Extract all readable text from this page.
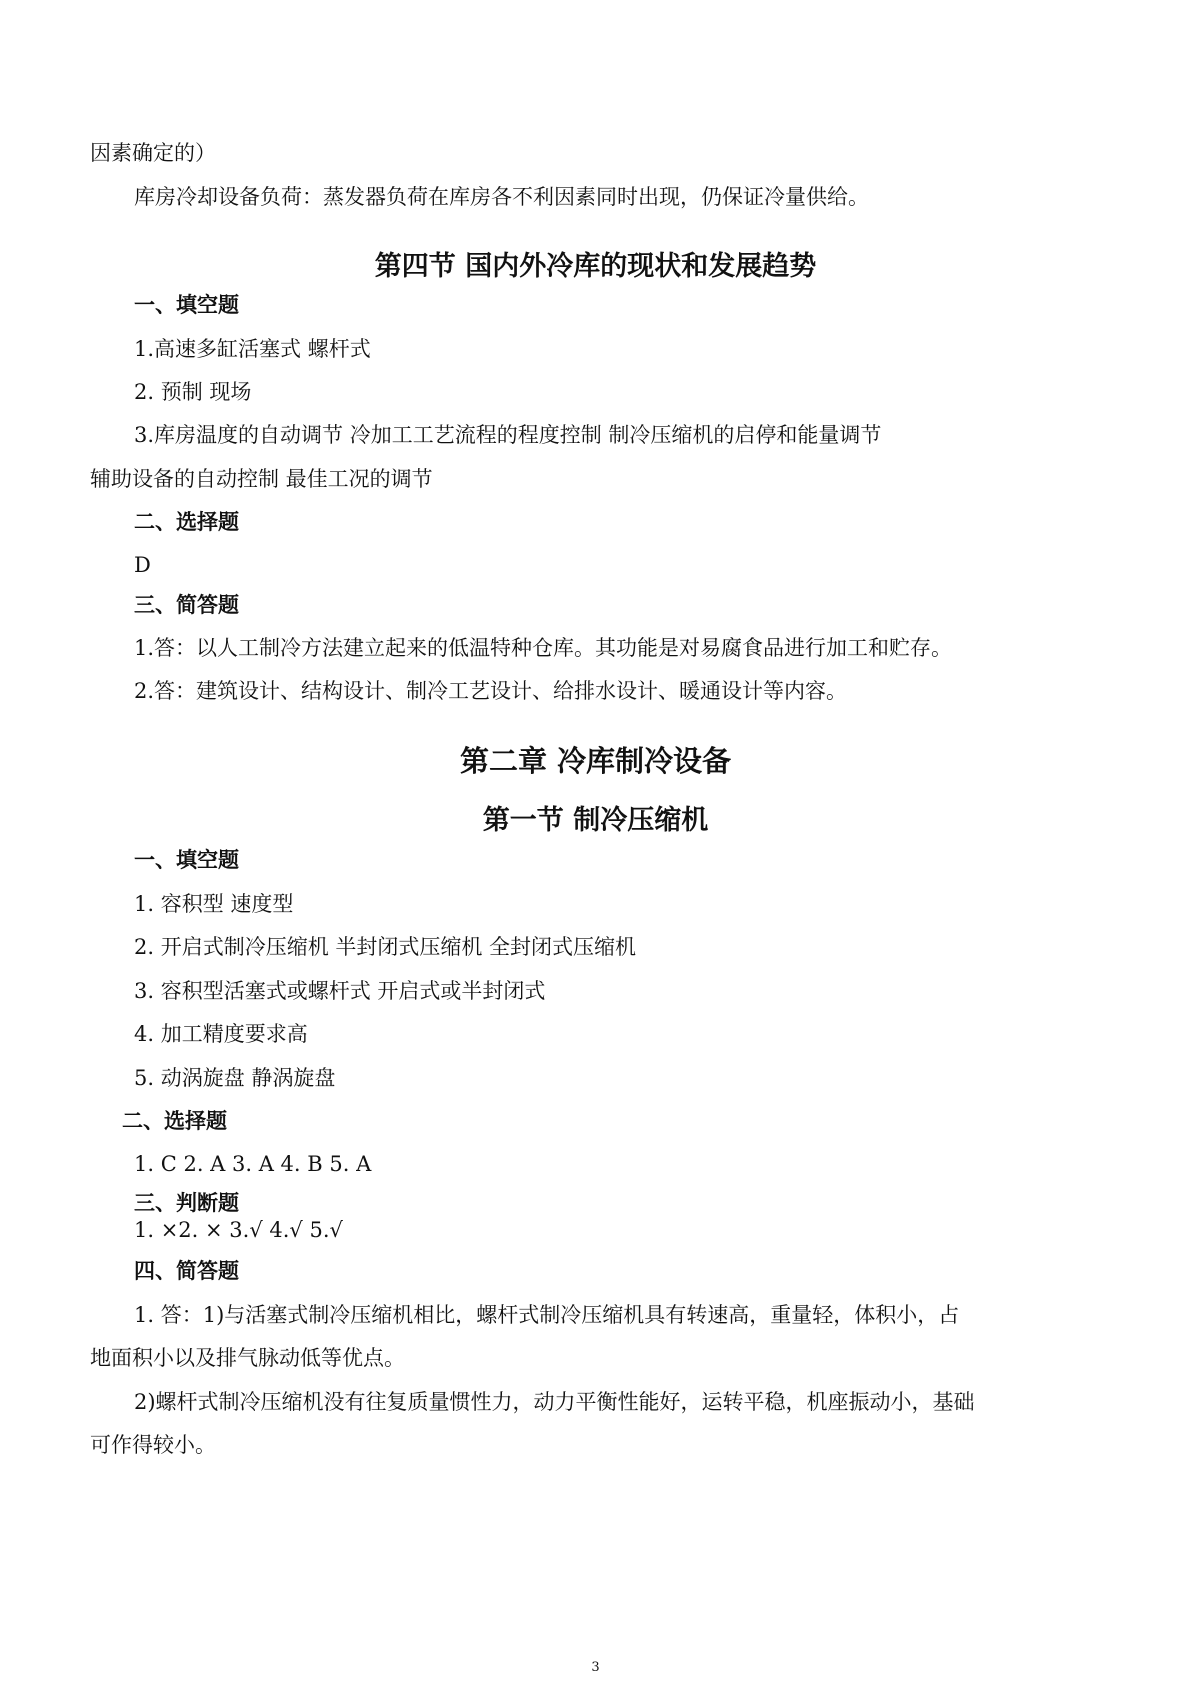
因素确定的）
库房冷却设备负荷：蒸发器负荷在库房各不利因素同时出现，仍保证冷量供给。
第四节 国内外冷库的现状和发展趋势
一、填空题
1.高速多缸活塞式 螺杆式
2. 预制 现场
3.库房温度的自动调节 冷加工工艺流程的程度控制 制冷压缩机的启停和能量调节
辅助设备的自动控制 最佳工况的调节
二、选择题
D
三、简答题
1.答：以人工制冷方法建立起来的低温特种仓库。其功能是对易腐食品进行加工和贮存。
2.答：建筑设计、结构设计、制冷工艺设计、给排水设计、暖通设计等内容。
第二章 冷库制冷设备
第一节 制冷压缩机
一、填空题
1. 容积型 速度型
2. 开启式制冷压缩机 半封闭式压缩机 全封闭式压缩机
3. 容积型活塞式或螺杆式 开启式或半封闭式
4. 加工精度要求高
5. 动涡旋盘 静涡旋盘
二、选择题
1. C 2. A 3. A 4. B 5. A
三、判断题
1. ×2. × 3.√ 4.√ 5.√
四、简答题
1. 答：1)与活塞式制冷压缩机相比，螺杆式制冷压缩机具有转速高，重量轻，体积小，占
地面积小以及排气脉动低等优点。
2)螺杆式制冷压缩机没有往复质量惯性力，动力平衡性能好，运转平稳，机座振动小，基础
可作得较小。
3
